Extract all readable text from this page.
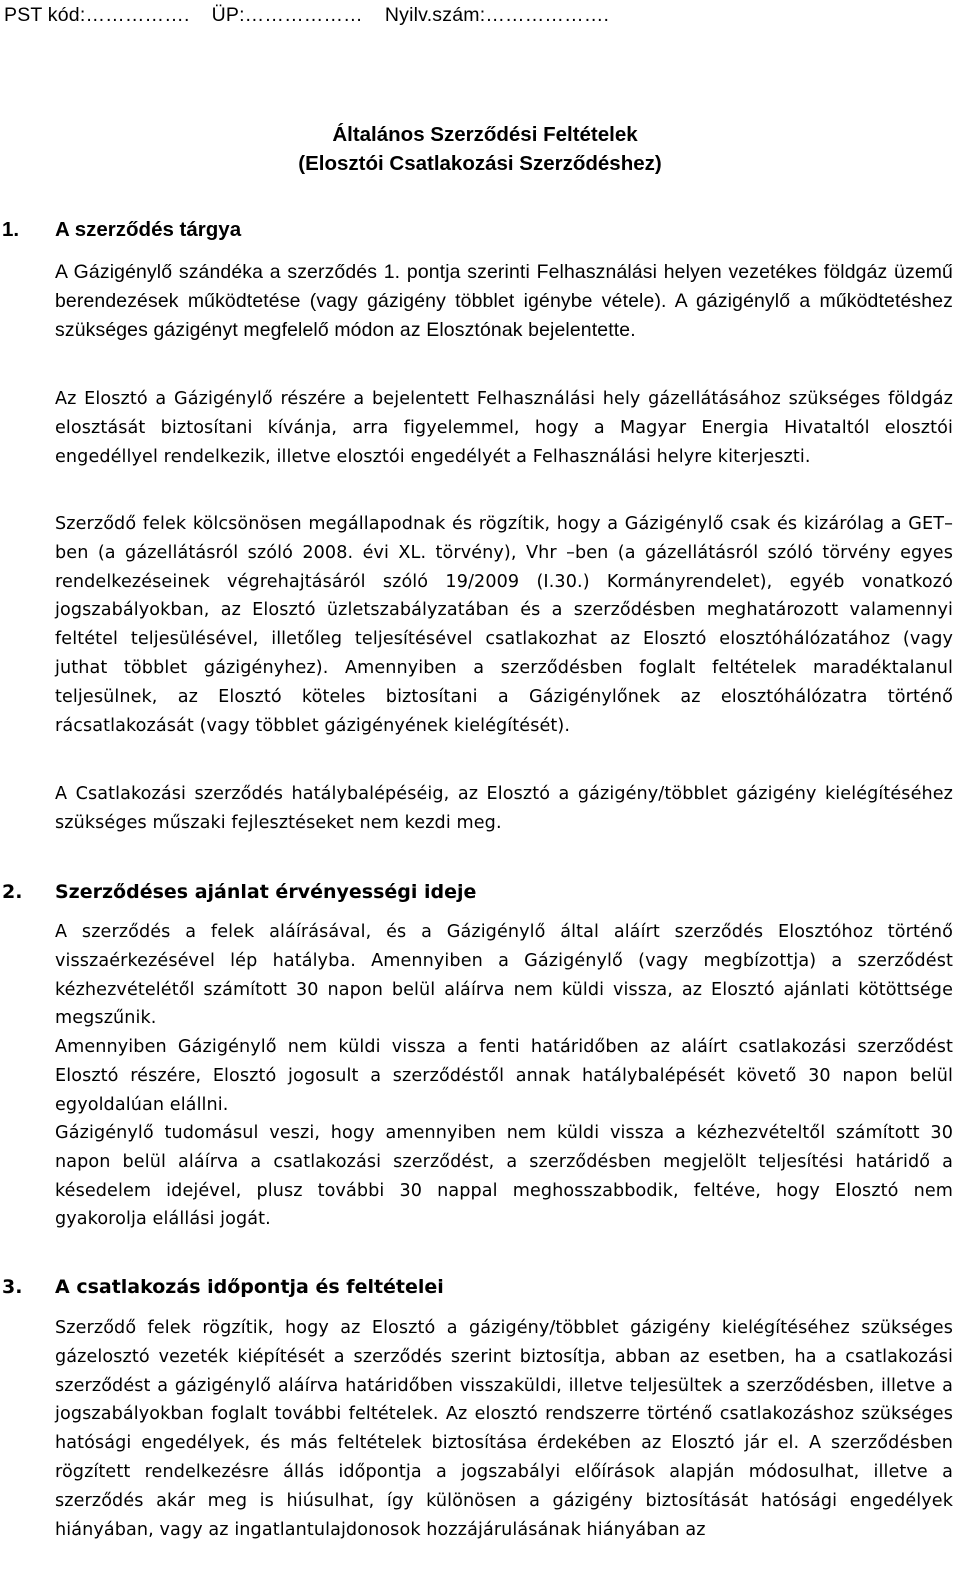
PST kód:……………. ÜP:……………… Nyilv.szám:……………….
Általános Szerződési Feltételek
(Elosztói Csatlakozási Szerződéshez)
1. A szerződés tárgya
A Gázigénylő szándéka a szerződés 1. pontja szerinti Felhasználási helyen vezetékes földgáz üzemű berendezések működtetése (vagy gázigény többlet igénybe vétele). A gázigénylő a működtetéshez szükséges gázigényt megfelelő módon az Elosztónak bejelentette.
Az Elosztó a Gázigénylő részére a bejelentett Felhasználási hely gázellátásához szükséges földgáz elosztását biztosítani kívánja, arra figyelemmel, hogy a Magyar Energia Hivataltól elosztói engedéllyel rendelkezik, illetve elosztói engedélyét a Felhasználási helyre kiterjeszti.
Szerződő felek kölcsönösen megállapodnak és rögzítik, hogy a Gázigénylő csak és kizárólag a GET–ben (a gázellátásról szóló 2008. évi XL. törvény), Vhr –ben (a gázellátásról szóló törvény egyes rendelkezéseinek végrehajtásáról szóló 19/2009 (I.30.) Kormányrendelet), egyéb vonatkozó jogszabályokban, az Elosztó üzletszabályzatában és a szerződésben meghatározott valamennyi feltétel teljesülésével, illetőleg teljesítésével csatlakozhat az Elosztó elosztóhálózatához (vagy juthat többlet gázigényhez). Amennyiben a szerződésben foglalt feltételek maradéktalanul teljesülnek, az Elosztó köteles biztosítani a Gázigénylőnek az elosztóhálózatra történő rácsatlakozását (vagy többlet gázigényének kielégítését).
A Csatlakozási szerződés hatálybalépéséig, az Elosztó a gázigény/többlet gázigény kielégítéséhez szükséges műszaki fejlesztéseket nem kezdi meg.
2. Szerződéses ajánlat érvényességi ideje
A szerződés a felek aláírásával, és a Gázigénylő által aláírt szerződés Elosztóhoz történő visszaérkezésével lép hatályba. Amennyiben a Gázigénylő (vagy megbízottja) a szerződést kézhezvételétől számított 30 napon belül aláírva nem küldi vissza, az Elosztó ajánlati kötöttsége megszűnik.
Amennyiben Gázigénylő nem küldi vissza a fenti határidőben az aláírt csatlakozási szerződést Elosztó részére, Elosztó jogosult a szerződéstől annak hatálybalépését követő 30 napon belül egyoldalúan elállni.
Gázigénylő tudomásul veszi, hogy amennyiben nem küldi vissza a kézhezvételtől számított 30 napon belül aláírva a csatlakozási szerződést, a szerződésben megjelölt teljesítési határidő a késedelem idejével, plusz további 30 nappal meghosszabbodik, feltéve, hogy Elosztó nem gyakorolja elállási jogát.
3. A csatlakozás időpontja és feltételei
Szerződő felek rögzítik, hogy az Elosztó a gázigény/többlet gázigény kielégítéséhez szükséges gázelosztó vezeték kiépítését a szerződés szerint biztosítja, abban az esetben, ha a csatlakozási szerződést a gázigénylő aláírva határidőben visszaküldi, illetve teljesültek a szerződésben, illetve a jogszabályokban foglalt további feltételek. Az elosztó rendszerre történő csatlakozáshoz szükséges hatósági engedélyek, és más feltételek biztosítása érdekében az Elosztó jár el. A szerződésben rögzített rendelkezésre állás időpontja a jogszabályi előírások alapján módosulhat, illetve a szerződés akár meg is hiúsulhat, így különösen a gázigény biztosítását hatósági engedélyek hiányában, vagy az ingatlantulajdonosok hozzájárulásának hiányában az
